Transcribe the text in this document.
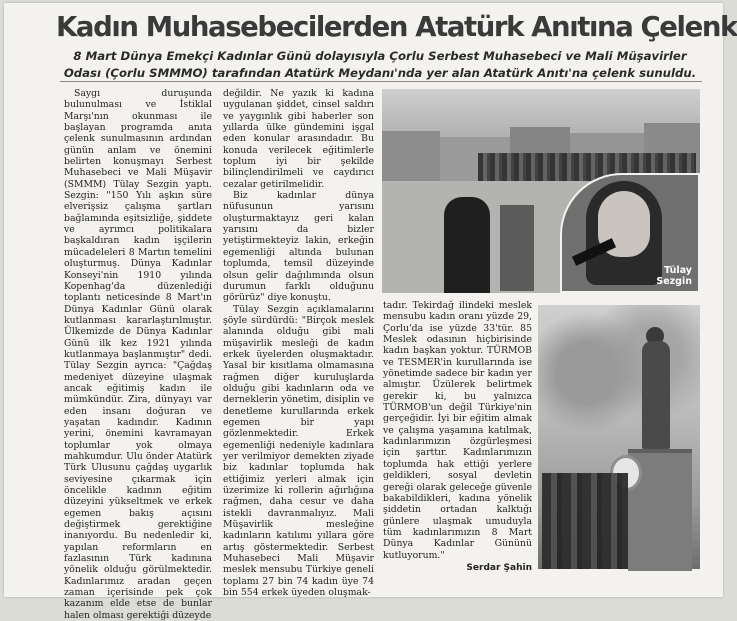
Kadın Muhasebecilerden Atatürk Anıtına Çelenk

8 Mart Dünya Emekçi Kadınlar Günü dolayısıyla Çorlu Serbest Muhasebeci ve Mali Müşavirler Odası (Çorlu SMMMO) tarafından Atatürk Meydanı'nda yer alan Atatürk Anıtı'na çelenk sunuldu.

Saygı duruşunda bulunulması ve İstiklal Marşı'nın okunması ile başlayan programda anıta çelenk sunulmasının ardından günün anlam ve önemini belirten konuşmayı Serbest Muhasebeci ve Mali Müşavir (SMMM) Tülay Sezgin yaptı. Sezgin: "150 Yılı aşkın süre elverişsiz çalışma şartları bağlamında eşitsizliğe, şiddete ve ayrımcı politikalara başkaldıran kadın işçilerin mücadeleleri 8 Martın temelini oluşturmuş. Dünya Kadınlar Konseyi'nin 1910 yılında Kopenhag'da düzenlediği toplantı neticesinde 8 Mart'ın Dünya Kadınlar Günü olarak kutlanması kararlaştırılmıştır. Ülkemizde de Dünya Kadınlar Günü ilk kez 1921 yılında kutlanmaya başlanmıştır" dedi. Tülay Sezgin ayrıca: "Çağdaş medeniyet düzeyine ulaşmak ancak eğitimiş kadın ile mümkündür. Zira, dünyayı var eden insanı doğuran ve yaşatan kadındır. Kadının yerini, önemini kavramayan toplumlar yok olmaya mahkumdur. Ulu önder Atatürk Türk Ulusunu çağdaş uygarlık seviyesine çıkarmak için öncelikle kadının eğitim düzeyini yükseltmek ve erkek egemen bakış açısını değiştirmek gerektiğine inanıyordu. Bu nedenledir ki, yapılan reformların en fazlasının Türk kadınına yönelik olduğu görülmektedir. Kadınlarımız aradan geçen zaman içerisinde pek çok kazanım elde etse de bunlar halen olması gerektiği düzeyde

değildir. Ne yazık ki kadına uygulanan şiddet, cinsel saldırı ve yaygınlık gibi haberler son yıllarda ülke gündemini işgal eden konular arasındadır. Bu konuda verilecek eğitimlerle toplum iyi bir şekilde bilinçlendirilmeli ve caydırıcı cezalar getirilmelidir.

Biz kadınlar dünya nüfusunun yarısını oluşturmaktayız geri kalan yarısını da bizler yetiştirmekteyiz lakin, erkeğin egemenliği altında bulunan toplumda, temsil düzeyinde olsun gelir dağılımında olsun durumun farklı olduğunu görürüz" diye konuştu.

Tülay Sezgin açıklamalarını şöyle sürdürdü: "Birçok meslek alanında olduğu gibi mali müşavirlik mesleği de kadın erkek üyelerden oluşmaktadır. Yasal bir kısıtlama olmamasına rağmen diğer kuruluşlarda olduğu gibi kadınların oda ve derneklerin yönetim, disiplin ve denetleme kurullarında erkek egemen bir yapı gözlenmektedir. Erkek egemenliği nedeniyle kadınlara yer verilmiyor demekten ziyade biz kadınlar toplumda hak ettiğimiz yerleri almak için üzerimize ki rollerin ağırlığına rağmen, daha cesur ve daha istekli davranmalıyız. Mali Müşavirlik mesleğine kadınların katılımı yıllara göre artış göstermektedir. Serbest Muhasebeci Mali Müşavir meslek mensubu Türkiye geneli toplamı 27 bin 74 kadın üye 74 bin 554 erkek üyeden oluşmak-

Tülay
Sezgin

tadır. Tekirdağ ilindeki meslek mensubu kadın oranı yüzde 29, Çorlu'da ise yüzde 33'tür. 85 Meslek odasının hiçbirisinde kadın başkan yoktur. TÜRMOB ve TESMER'in kurullarında ise yönetimde sadece bir kadın yer almıştır. Üzülerek belirtmek gerekir ki, bu yalnızca TÜRMOB'un değil Türkiye'nin gerçeğidir. İyi bir eğitim almak ve çalışma yaşamına katılmak, kadınlarımızın özgürleşmesi için şarttır. Kadınlarımızın toplumda hak ettiği yerlere geldikleri, sosyal devletin gereği olarak geleceğe güvenle bakabildikleri, kadına yönelik şiddetin ortadan kalktığı günlere ulaşmak umuduyla tüm kadınlarımızın 8 Mart Dünya Kadınlar Gününü kutluyorum."

Serdar Şahin
